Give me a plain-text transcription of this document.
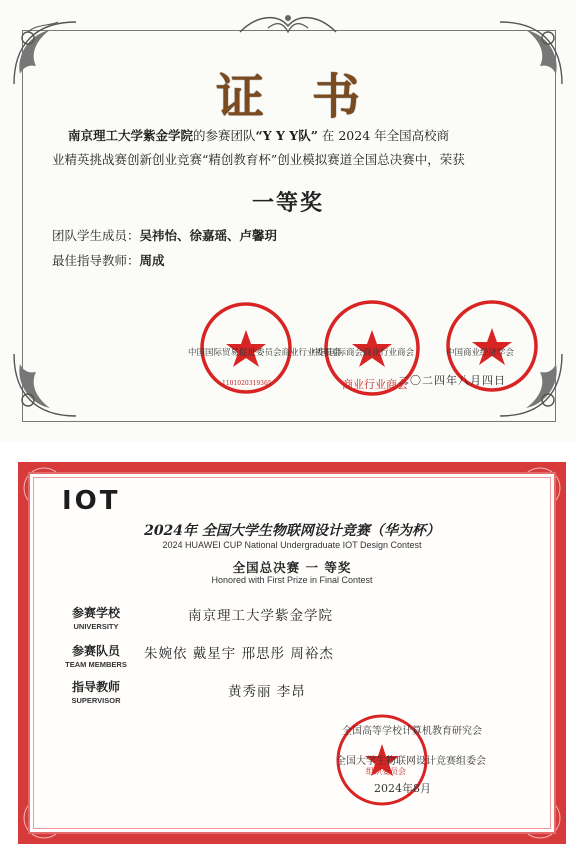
证书
南京理工大学紫金学院的参赛团队“Y Y Y队” 在 2024 年全国高校商
业精英挑战赛创新创业竞赛“精创教育杯”创业模拟赛道全国总决赛中，荣获
一等奖
团队学生成员：吴祎怡、徐嘉瑶、卢馨玥
最佳指导教师：周成
中国国际贸易促进委员会商业行业委员会
商业行业商会
中国国际商会商业行业商会	中国商业经济学会
1101020319365	二〇二四年八月四日
IOT
2024年 全国大学生物联网设计竞赛（华为杯）
2024 HUAWEI CUP National Undergraduate IOT Design Contest
全国总决赛 一 等奖
Honored with First Prize in Final Contest
参赛学校
UNIVERSITY
南京理工大学紫金学院
参赛队员
TEAM MEMBERS
朱婉依 戴星宇 邢思彤 周裕杰
指导教师
SUPERVISOR
黄秀丽 李昂
全国高等学校计算机教育研究会
全国大学生物联网设计竞赛组委会
组织委员会
2024年8月
